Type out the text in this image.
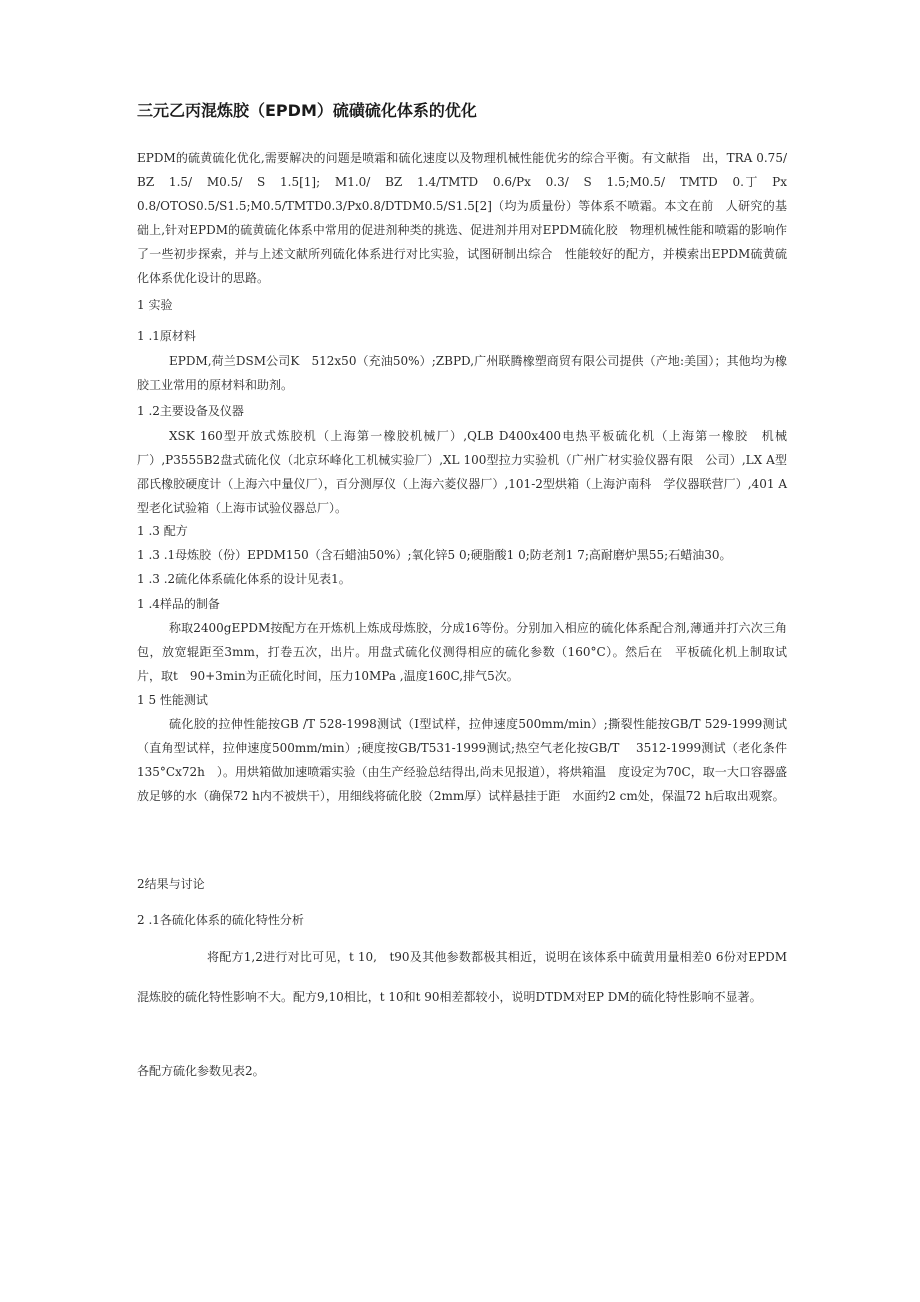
三元乙丙混炼胶（EPDM）硫磺硫化体系的优化
EPDM的硫黄硫化优化,需要解决的问题是喷霜和硫化速度以及物理机械性能优劣的综合平衡。有文献指　出，TRA 0.75/　BZ　1.5/　M0.5/　S　1.5[1];　M1.0/　BZ　1.4/TMTD　0.6/Px　0.3/　S　1.5;M0.5/　TMTD　0.丁　Px 0.8/OTOS0.5/S1.5;M0.5/TMTD0.3/Px0.8/DTDM0.5/S1.5[2]（均为质量份）等体系不喷霜。本文在前　人研究的基础上,针对EPDM的硫黄硫化体系中常用的促进剂种类的挑选、促进剂并用对EPDM硫化胶　物理机械性能和喷霜的影响作了一些初步探索，并与上述文献所列硫化体系进行对比实验，试图研制出综合　性能较好的配方，并模索出EPDM硫黄硫化体系优化设计的思路。
1 实验
1 .1原材料
EPDM,荷兰DSM公司K　512x50（充油50%）;ZBPD,广州联腾橡塑商贸有限公司提供（产地:美国）；其他均为橡胶工业常用的原材料和助剂。
1 .2主要设备及仪器
XSK 160型开放式炼胶机（上海第一橡胶机械厂）,QLB D400x400电热平板硫化机（上海第一橡胶　机械厂）,P3555B2盘式硫化仪（北京环峰化工机械实验厂）,XL 100型拉力实验机（广州广材实验仪器有限　公司）,LX A型邵氏橡胶硬度计（上海六中量仪厂），百分测厚仪（上海六菱仪器厂）,101-2型烘箱（上海沪南科　学仪器联营厂）,401 A型老化试验箱（上海市试验仪器总厂）。
1 .3 配方
1 .3 .1母炼胶（份）EPDM150（含石蜡油50%）;氧化锌5 0;硬脂酸1 0;防老剂1 7;高耐磨炉黑55;石蜡油30。
1 .3 .2硫化体系硫化体系的设计见表1。
1 .4样品的制备
称取2400gEPDM按配方在开炼机上炼成母炼胶，分成16等份。分别加入相应的硫化体系配合剂,薄通并打六次三角包，放宽辊距至3mm，打卷五次，出片。用盘式硫化仪测得相应的硫化参数（160°C）。然后在　平板硫化机上制取试片，取t　90+3min为正硫化时间，压力10MPa ,温度160C,排气5次。
1 5 性能测试
硫化胶的拉伸性能按GB /T 528-1998测试（I型试样，拉伸速度500mm/min）;撕裂性能按GB/T 529-1999测试（直角型试样，拉伸速度500mm/min）;硬度按GB/T531-1999测试;热空气老化按GB/T　 3512-1999测试（老化条件135°Cx72h　）。用烘箱做加速喷霜实验（由生产经验总结得出,尚未见报道），将烘箱温　度设定为70C，取一大口容器盛放足够的水（确保72 h内不被烘干），用细线将硫化胶（2mm厚）试样悬挂于距　水面约2 cm处，保温72 h后取出观察。
2结果与讨论
2 .1各硫化体系的硫化特性分析
将配方1,2进行对比可见，t 10,　t90及其他参数都极其相近，说明在该体系中硫黄用量相差0 6份对EPDM混炼胶的硫化特性影响不大。配方9,10相比，t 10和t 90相差都较小，说明DTDM对EP DM的硫化特性影响不显著。
各配方硫化参数见表2。
